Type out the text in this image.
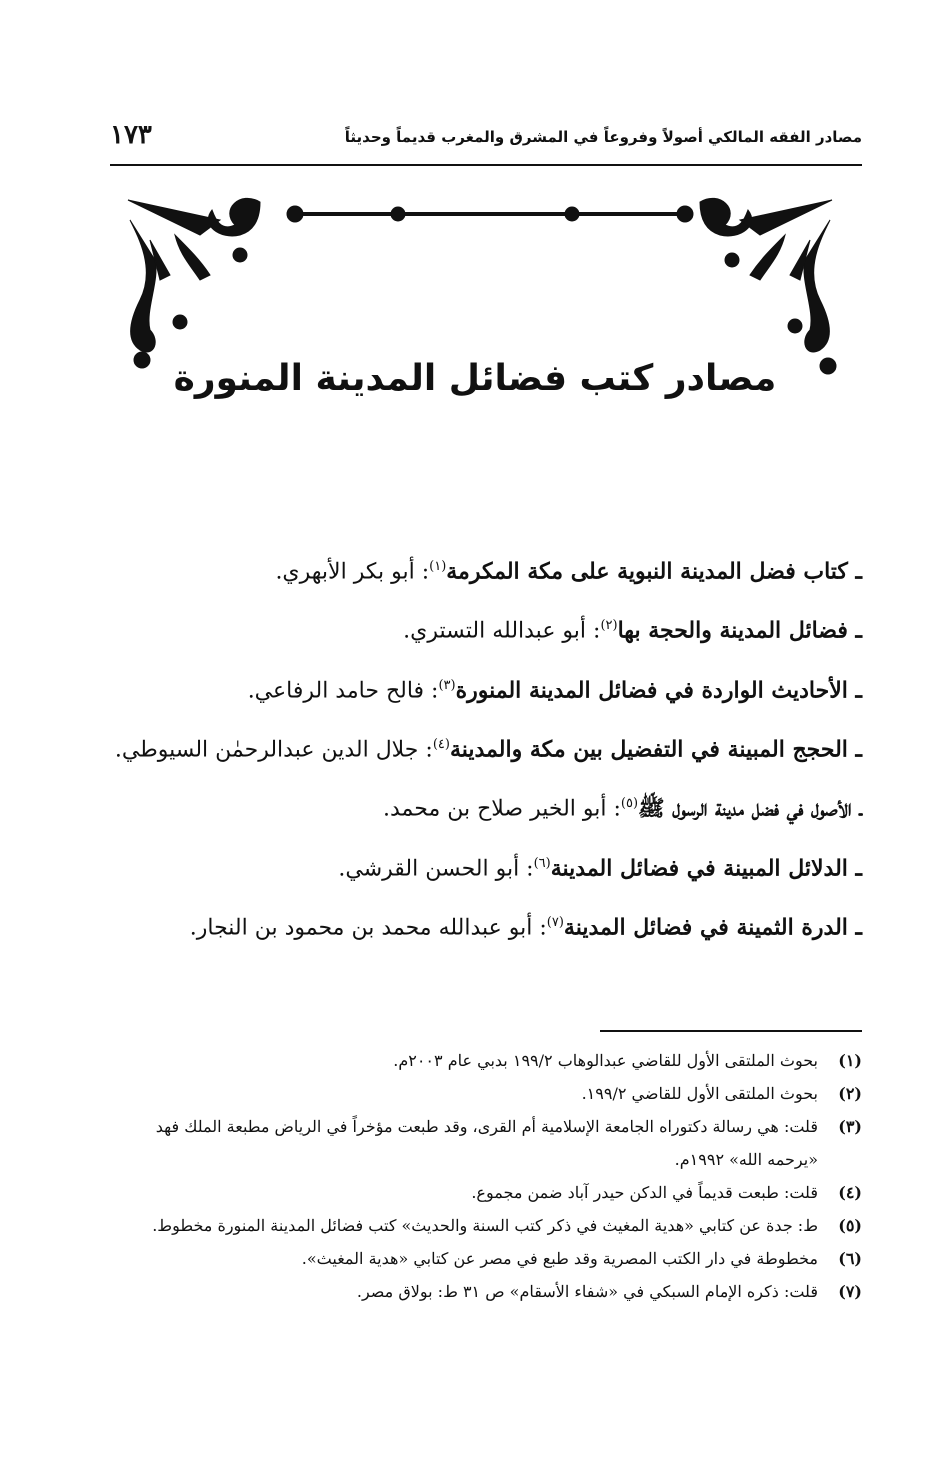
١٧٣	مصادر الفقه المالكي أصولاً وفروعاً في المشرق والمغرب قديماً وحديثاً
مصادر كتب فضائل المدينة المنورة

ـ كتاب فضل المدينة النبوية على مكة المكرمة$^{(١)}$: أبو بكر الأبهري.

ـ فضائل المدينة والحجة بها$^{(٢)}$: أبو عبدالله التستري.

ـ الأحاديث الواردة في فضائل المدينة المنورة$^{(٣)}$: فالح حامد الرفاعي.

ـ الحجج المبينة في التفضيل بين مكة والمدينة$^{(٤)}$: جلال الدين عبدالرحمٰن السيوطي.

ـ الأصول في فضل مدينة الرسول ﷺ$^{(٥)}$: أبو الخير صلاح بن محمد.

ـ الدلائل المبينة في فضائل المدينة$^{(٦)}$: أبو الحسن القرشي.

ـ الدرة الثمينة في فضائل المدينة$^{(٧)}$: أبو عبدالله محمد بن محمود بن النجار.

(١)
بحوث الملتقى الأول للقاضي عبدالوهاب ١٩٩/٢ بدبي عام ٢٠٠٣م.
(٢)
بحوث الملتقى الأول للقاضي ١٩٩/٢.
(٣)
قلت: هي رسالة دكتوراه الجامعة الإسلامية أم القرى، وقد طبعت مؤخراً في الرياض مطبعة الملك فهد «يرحمه الله» ١٩٩٢م.
(٤)
قلت: طبعت قديماً في الدكن حيدر آباد ضمن مجموع.
(٥)
ط: جدة عن كتابي «هدية المغيث في ذكر كتب السنة والحديث» كتب فضائل المدينة المنورة مخطوط.
(٦)
مخطوطة في دار الكتب المصرية وقد طبع في مصر عن كتابي «هدية المغيث».
(٧)
قلت: ذكره الإمام السبكي في «شفاء الأسقام» ص ٣١ ط: بولاق مصر.
